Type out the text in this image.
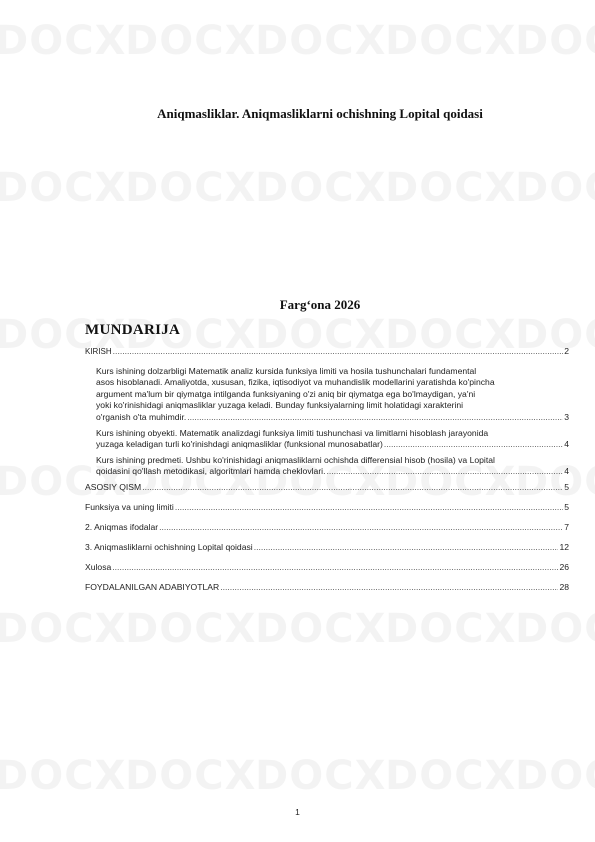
Aniqmasliklar. Aniqmasliklarni ochishning Lopital qoidasi
Farg‘ona 2026
MUNDARIJA
KIRISH .....	2
Kurs ishining dolzarbligi Matematik analiz kursida funksiya limiti va hosila tushunchalari fundamental
asos hisoblanadi. Amaliyotda, xususan, fizika, iqtisodiyot va muhandislik modellarini yaratishda ko'pincha
argument ma'lum bir qiymatga intilganda funksiyaning o'zi aniq bir qiymatga ega bo'lmaydigan, ya'ni
yoki ko'rinishidagi aniqmasliklar yuzaga keladi. Bunday funksiyalarning limit holatidagi xarakterini
o'rganish o'ta muhimdir. .....	3
Kurs ishining obyekti. Matematik analizdagi funksiya limiti tushunchasi va limitlarni hisoblash jarayonida
yuzaga keladigan turli ko'rinishdagi aniqmasliklar (funksional munosabatlar) .....	4
Kurs ishining predmeti. Ushbu ko'rinishidagi aniqmasliklarni ochishda differensial hisob (hosila) va Lopital
qoidasini qo'llash metodikasi, algoritmlari hamda cheklovlari. .....	4
ASOSIY QISM .....	5
Funksiya va uning limiti .....	5
2. Aniqmas ifodalar .....	7
3. Aniqmasliklarni ochishning Lopital qoidasi .....	12
Xulosa .....	26
FOYDALANILGAN ADABIYOTLAR .....	28
1
